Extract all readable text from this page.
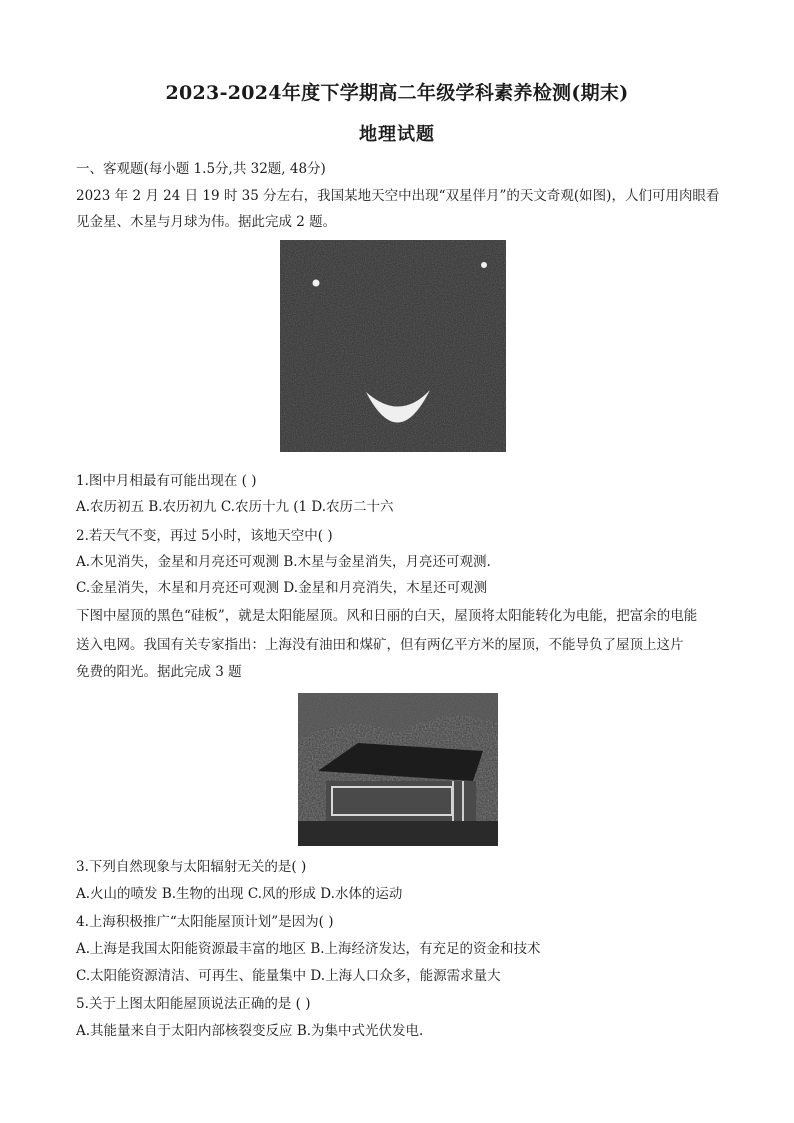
2023-2024年度下学期高二年级学科素养检测(期末)
地理试题
一、客观题(每小题 1.5分,共 32题, 48分)
2023 年 2 月 24 日 19 时 35 分左右，我国某地天空中出现“双星伴月”的天文奇观(如图)，人们可用肉眼看
见金星、木星与月球为伟。据此完成 2 题。
1.图中月相最有可能出现在 ( )
A.农历初五 B.农历初九 C.农历十九 (1 D.农历二十六
2.若天气不变，再过 5小时，该地天空中( )
A.木见消失，金星和月亮还可观测 B.木星与金星消失，月亮还可观测.
C.金星消失，木星和月亮还可观测 D.金星和月亮消失，木星还可观测
下图中屋顶的黑色“硅板”，就是太阳能屋顶。风和日丽的白天，屋顶将太阳能转化为电能，把富余的电能
送入电网。我国有关专家指出：上海没有油田和煤矿，但有两亿平方米的屋顶，不能导负了屋顶上这片
免费的阳光。据此完成 3 题
3.下列自然现象与太阳辐射无关的是( )
A.火山的喷发 B.生物的出现 C.风的形成 D.水体的运动
4.上海积极推广“太阳能屋顶计划”是因为( )
A.上海是我国太阳能资源最丰富的地区 B.上海经济发达，有充足的资金和技术
C.太阳能资源清洁、可再生、能量集中 D.上海人口众多，能源需求量大
5.关于上图太阳能屋顶说法正确的是 ( )
A.其能量来自于太阳内部核裂变反应 B.为集中式光伏发电.
